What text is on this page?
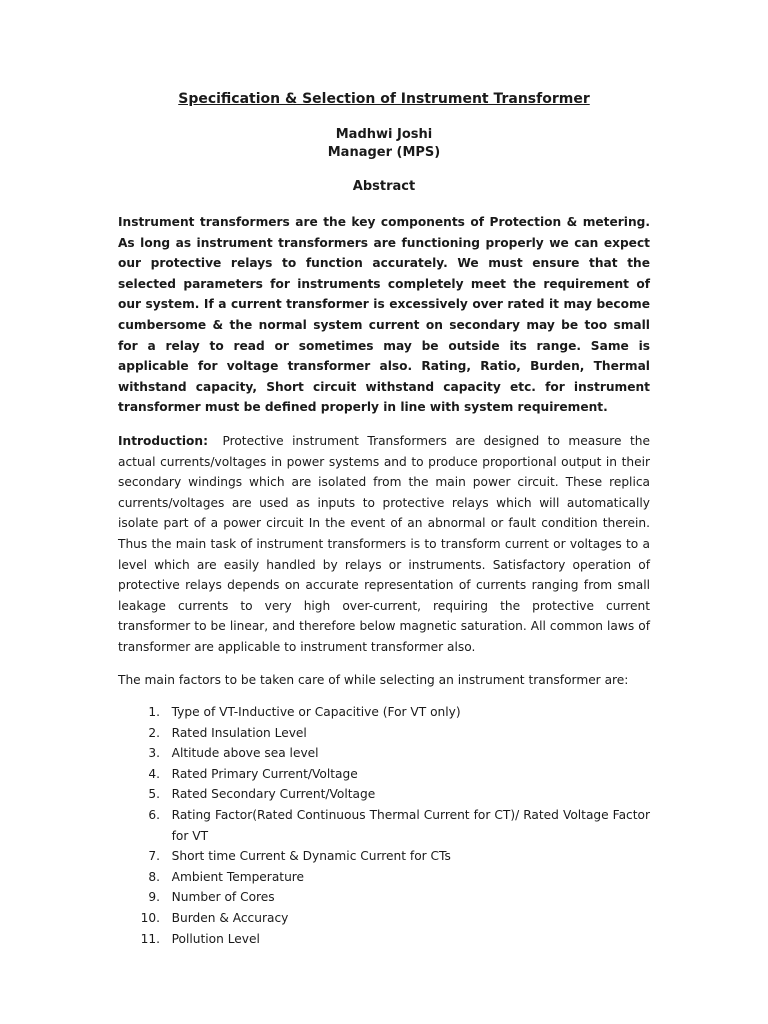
Specification & Selection of Instrument Transformer

Madhwi Joshi

Manager (MPS)

Abstract

Instrument transformers are the key components of Protection & metering. As long as instrument transformers are functioning properly we can expect our protective relays to function accurately. We must ensure that the selected parameters for instruments completely meet the requirement of our system. If a current transformer is excessively over rated it may become cumbersome & the normal system current on secondary may be too small for a relay to read or sometimes may be outside its range. Same is applicable for voltage transformer also. Rating, Ratio, Burden, Thermal withstand capacity, Short circuit withstand capacity etc. for instrument transformer must be defined properly in line with system requirement.

Introduction: Protective instrument Transformers are designed to measure the actual currents/voltages in power systems and to produce proportional output in their secondary windings which are isolated from the main power circuit. These replica currents/voltages are used as inputs to protective relays which will automatically isolate part of a power circuit In the event of an abnormal or fault condition therein. Thus the main task of instrument transformers is to transform current or voltages to a level which are easily handled by relays or instruments. Satisfactory operation of protective relays depends on accurate representation of currents ranging from small leakage currents to very high over-current, requiring the protective current transformer to be linear, and therefore below magnetic saturation. All common laws of transformer are applicable to instrument transformer also.

The main factors to be taken care of while selecting an instrument transformer are:

1.
Type of VT-Inductive or Capacitive (For VT only)
2.
Rated Insulation Level
3.
Altitude above sea level
4.
Rated Primary Current/Voltage
5.
Rated Secondary Current/Voltage
6.
Rating Factor(Rated Continuous Thermal Current for CT)/ Rated Voltage Factor for VT
7.
Short time Current & Dynamic Current for CTs
8.
Ambient Temperature
9.
Number of Cores
10.
Burden & Accuracy
11.
Pollution Level
